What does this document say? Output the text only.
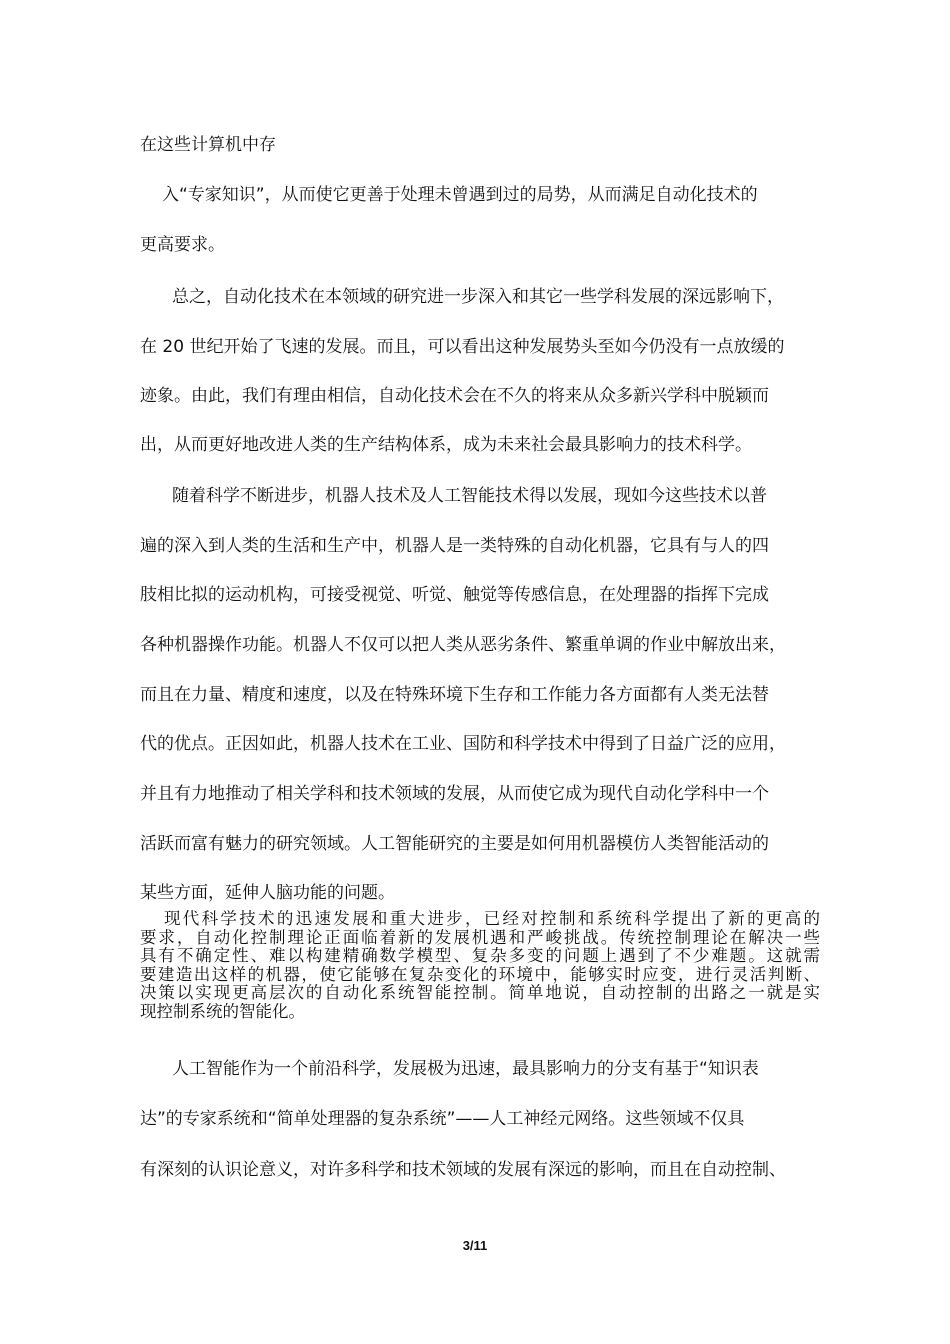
在这些计算机中存
入“专家知识”，从而使它更善于处理未曾遇到过的局势，从而满足自动化技术的
更高要求。
总之，自动化技术在本领域的研究进一步深入和其它一些学科发展的深远影响下，
在 20 世纪开始了飞速的发展。而且，可以看出这种发展势头至如今仍没有一点放缓的
迹象。由此，我们有理由相信，自动化技术会在不久的将来从众多新兴学科中脱颖而
出，从而更好地改进人类的生产结构体系，成为未来社会最具影响力的技术科学。
随着科学不断进步，机器人技术及人工智能技术得以发展，现如今这些技术以普
遍的深入到人类的生活和生产中，机器人是一类特殊的自动化机器，它具有与人的四
肢相比拟的运动机构，可接受视觉、听觉、触觉等传感信息，在处理器的指挥下完成
各种机器操作功能。机器人不仅可以把人类从恶劣条件、繁重单调的作业中解放出来，
而且在力量、精度和速度，以及在特殊环境下生存和工作能力各方面都有人类无法替
代的优点。正因如此，机器人技术在工业、国防和科学技术中得到了日益广泛的应用，
并且有力地推动了相关学科和技术领域的发展，从而使它成为现代自动化学科中一个
活跃而富有魅力的研究领域。人工智能研究的主要是如何用机器模仿人类智能活动的
某些方面，延伸人脑功能的问题。
现代科学技术的迅速发展和重大进步，已经对控制和系统科学提出了新的更高的
要求，自动化控制理论正面临着新的发展机遇和严峻挑战。传统控制理论在解决一些
具有不确定性、难以构建精确数学模型、复杂多变的问题上遇到了不少难题。这就需
要建造出这样的机器，使它能够在复杂变化的环境中，能够实时应变，进行灵活判断、
决策以实现更高层次的自动化系统智能控制。简单地说，自动控制的出路之一就是实
现控制系统的智能化。
人工智能作为一个前沿科学，发展极为迅速，最具影响力的分支有基于“知识表
达”的专家系统和“简单处理器的复杂系统”——人工神经元网络。这些领域不仅具
有深刻的认识论意义，对许多科学和技术领域的发展有深远的影响，而且在自动控制、
3/11
